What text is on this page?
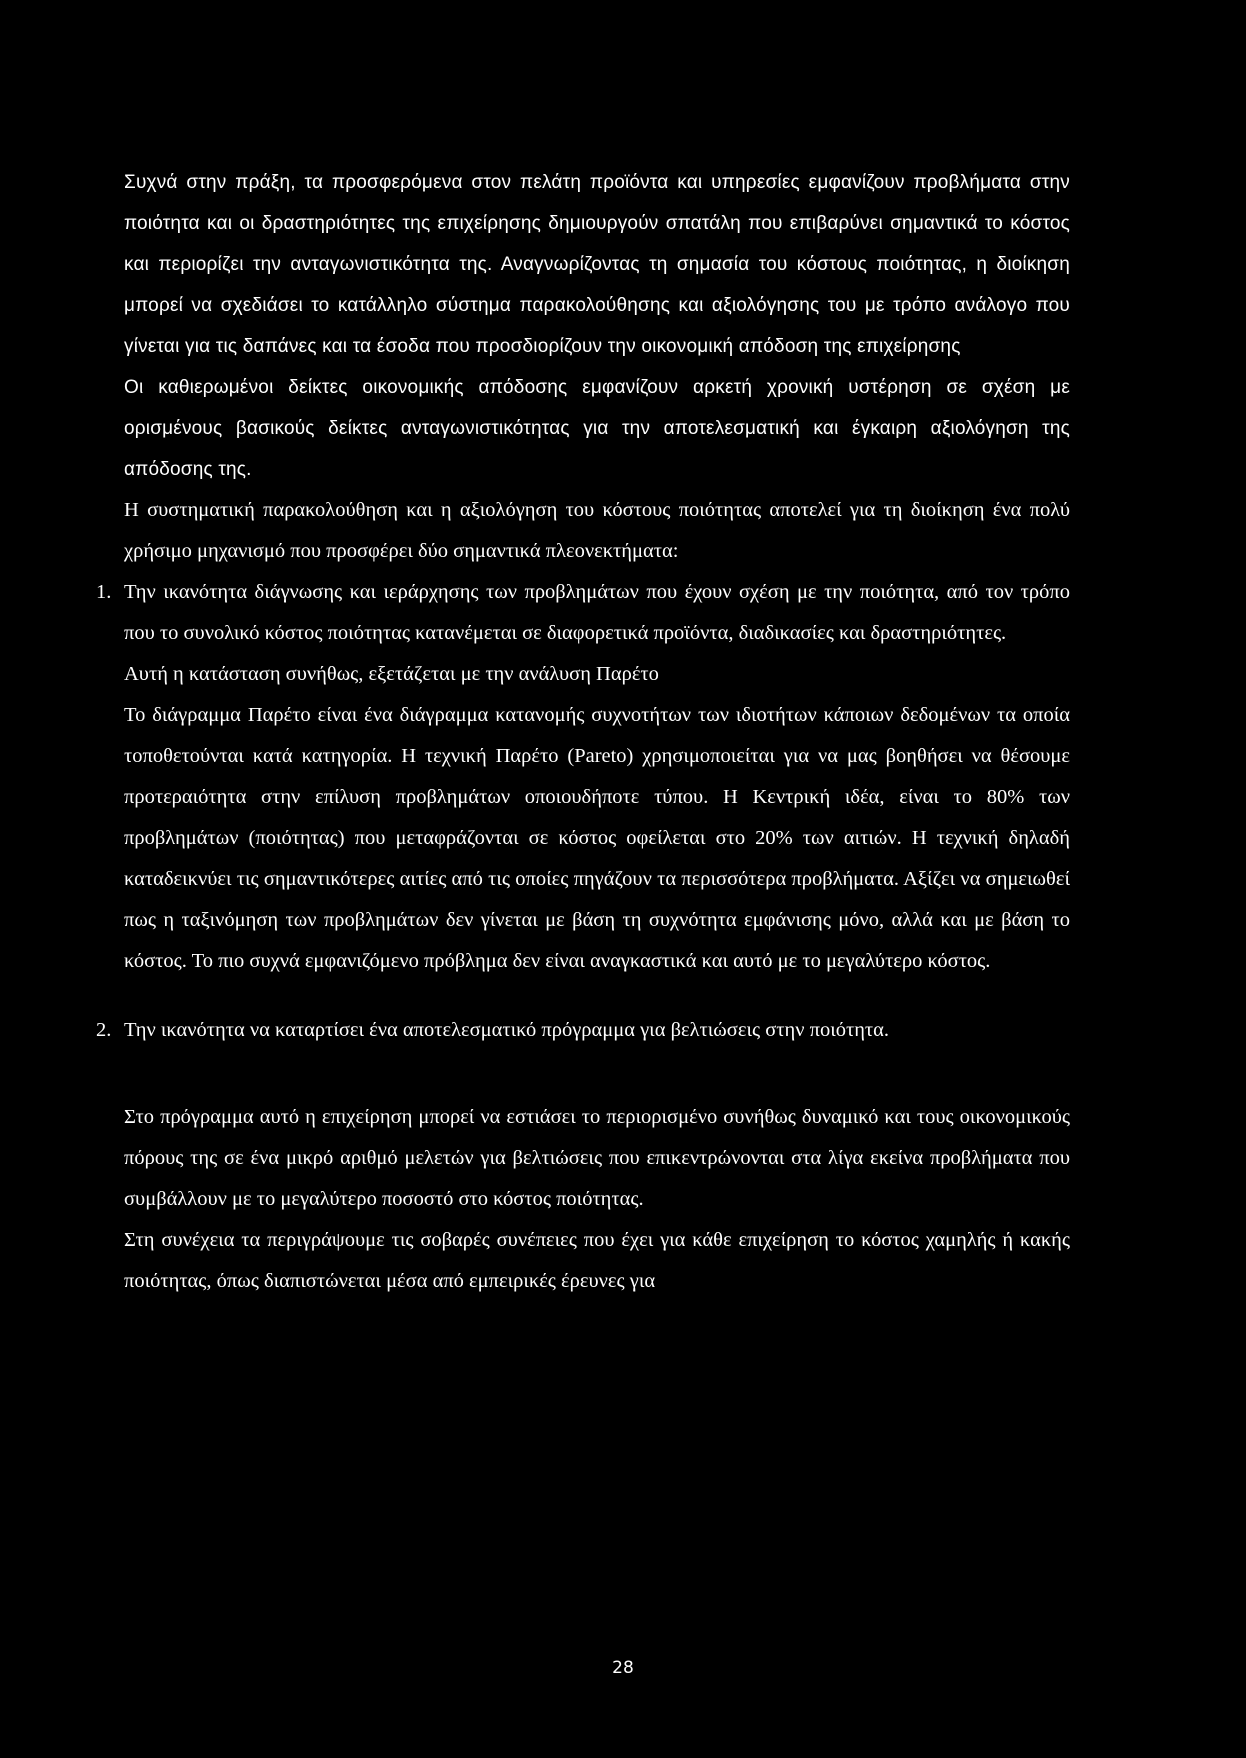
Συχνά στην πράξη, τα προσφερόμενα στον πελάτη προϊόντα και υπηρεσίες εμφανίζουν προβλήματα στην ποιότητα και οι δραστηριότητες της επιχείρησης δημιουργούν σπατάλη που επιβαρύνει σημαντικά το κόστος και περιορίζει την ανταγωνιστικότητα της. Αναγνωρίζοντας τη σημασία του κόστους ποιότητας, η διοίκηση μπορεί να σχεδιάσει το κατάλληλο σύστημα παρακολούθησης και αξιολόγησης του με τρόπο ανάλογο που γίνεται για τις δαπάνες και τα έσοδα που προσδιορίζουν την οικονομική απόδοση της επιχείρησης

Οι καθιερωμένοι δείκτες οικονομικής απόδοσης εμφανίζουν αρκετή χρονική υστέρηση σε σχέση με ορισμένους βασικούς δείκτες ανταγωνιστικότητας για την αποτελεσματική και έγκαιρη αξιολόγηση της απόδοσης της.

Η συστηματική παρακολούθηση και η αξιολόγηση του κόστους ποιότητας αποτελεί για τη διοίκηση ένα πολύ χρήσιμο μηχανισμό που προσφέρει δύο σημαντικά πλεονεκτήματα:

1. Την ικανότητα διάγνωσης και ιεράρχησης των προβλημάτων που έχουν σχέση με την ποιότητα, από τον τρόπο που το συνολικό κόστος ποιότητας κατανέμεται σε διαφορετικά προϊόντα, διαδικασίες και δραστηριότητες.

Αυτή η κατάσταση συνήθως, εξετάζεται με την ανάλυση Παρέτο

Το διάγραμμα Παρέτο είναι ένα διάγραμμα κατανομής συχνοτήτων των ιδιοτήτων κάποιων δεδομένων τα οποία τοποθετούνται κατά κατηγορία. Η τεχνική Παρέτο (Pareto) χρησιμοποιείται για να μας βοηθήσει να θέσουμε προτεραιότητα στην επίλυση προβλημάτων οποιουδήποτε τύπου. Η Κεντρική ιδέα, είναι το 80% των προβλημάτων (ποιότητας) που μεταφράζονται σε κόστος οφείλεται στο 20% των αιτιών. Η τεχνική δηλαδή καταδεικνύει τις σημαντικότερες αιτίες από τις οποίες πηγάζουν τα περισσότερα προβλήματα. Αξίζει να σημειωθεί πως η ταξινόμηση των προβλημάτων δεν γίνεται με βάση τη συχνότητα εμφάνισης μόνο, αλλά και με βάση το κόστος. Το πιο συχνά εμφανιζόμενο πρόβλημα δεν είναι αναγκαστικά και αυτό με το μεγαλύτερο κόστος.

2. Την ικανότητα να καταρτίσει ένα αποτελεσματικό πρόγραμμα για βελτιώσεις στην ποιότητα.

Στο πρόγραμμα αυτό η επιχείρηση μπορεί να εστιάσει το περιορισμένο συνήθως δυναμικό και τους οικονομικούς πόρους της σε ένα μικρό αριθμό μελετών για βελτιώσεις που επικεντρώνονται στα λίγα εκείνα προβλήματα που συμβάλλουν με το μεγαλύτερο ποσοστό στο κόστος ποιότητας.

Στη συνέχεια τα περιγράψουμε τις σοβαρές συνέπειες που έχει για κάθε επιχείρηση το κόστος χαμηλής ή κακής ποιότητας, όπως διαπιστώνεται μέσα από εμπειρικές έρευνες για

28
